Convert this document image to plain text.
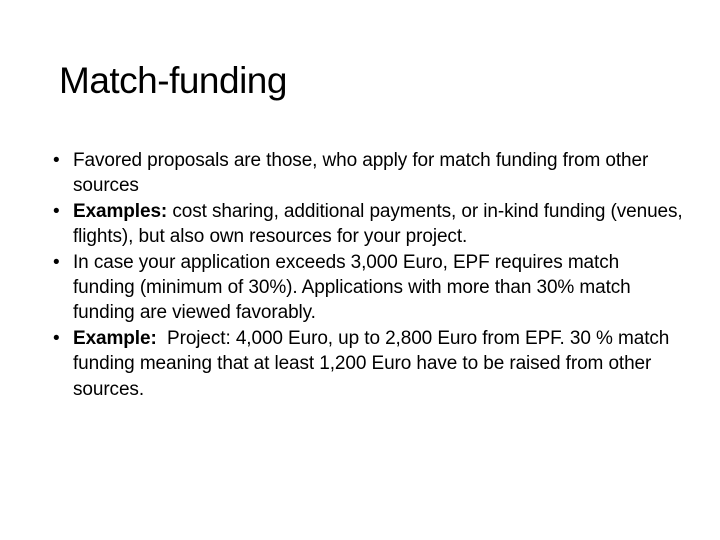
Match-funding
• Favored proposals are those, who apply for match funding from other sources
• Examples: cost sharing, additional payments, or in-kind funding (venues, flights), but also own resources for your project.
• In case your application exceeds 3,000 Euro, EPF requires match funding (minimum of 30%). Applications with more than 30% match funding are viewed favorably.
• Example:  Project: 4,000 Euro, up to 2,800 Euro from EPF. 30 % match funding meaning that at least 1,200 Euro have to be raised from other sources.
